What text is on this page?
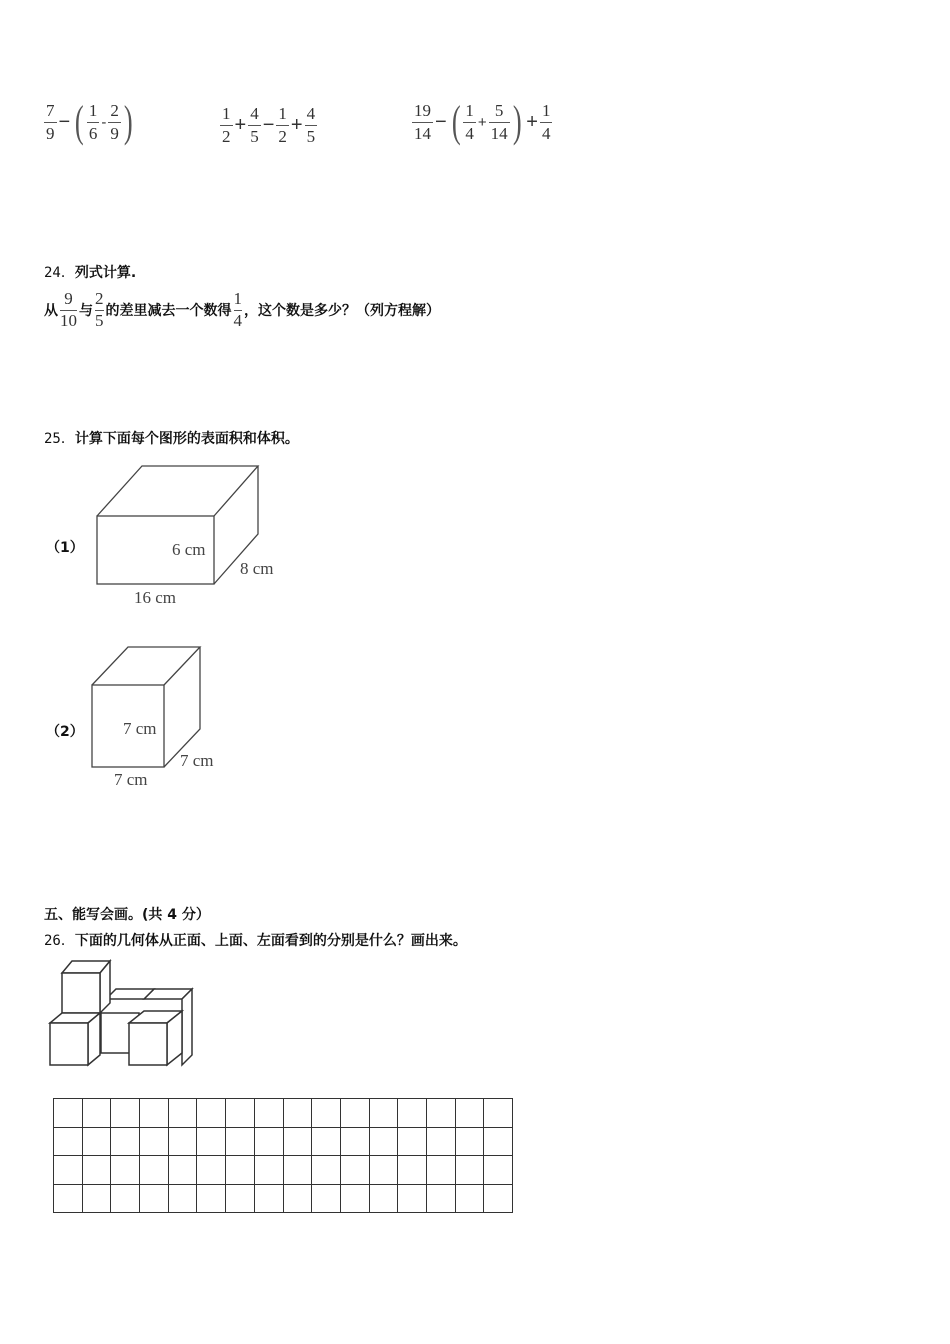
$\frac{7}{9}$ − ( $\frac{1}{6} - \frac{2}{9}$ )	$\frac{1}{2} + \frac{4}{5} - \frac{1}{2} + \frac{4}{5}$	$\frac{19}{14}$ − ( $\frac{1}{4} + \frac{5}{14}$ ) + $\frac{1}{4}$
24．列式计算.
从 $\frac{9}{10}$ 与 $\frac{2}{5}$ 的差里减去一个数得 $\frac{1}{4}$ ，这个数是多少？（列方程解）
25．计算下面每个图形的表面积和体积。
（1）	6 cm
8 cm
16 cm
（2） 7 cm
7 cm
7 cm
五、能写会画。(共 4 分）
26．下面的几何体从正面、上面、左面看到的分别是什么？画出来。
